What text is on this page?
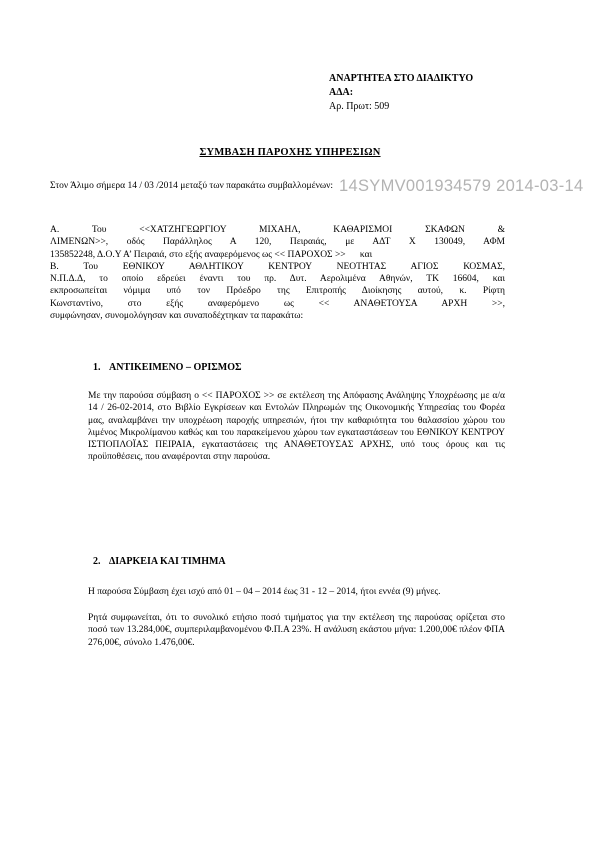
ΑΝΑΡΤΗΤΕΑ ΣΤΟ ΔΙΑΔΙΚΤΥΟ

ΑΔΑ:

Αρ. Πρωτ: 509

ΣΥΜΒΑΣΗ ΠΑΡΟΧΗΣ ΥΠΗΡΕΣΙΩΝ
14SYMV001934579 2014-03-14

Στον Άλιμο σήμερα 14 / 03 /2014 μεταξύ των παρακάτω συμβαλλομένων:

Α. Του <<ΧΑΤΖΗΓΕΩΡΓΙΟΥ ΜΙΧΑΗΛ, ΚΑΘΑΡΙΣΜΟΙ ΣΚΑΦΩΝ &
ΛΙΜΕΝΩΝ>>, οδός Παράλληλος Α 120, Πειραιάς, με ΑΔΤ Χ 130049, ΑΦΜ
135852248, Δ.Ο.Υ Α’ Πειραιά, στο εξής αναφερόμενος ως << ΠΑΡΟΧΟΣ >>      και
Β. Του ΕΘΝΙΚΟΥ ΑΘΛΗΤΙΚΟΥ ΚΕΝΤΡΟΥ ΝΕΟΤΗΤΑΣ ΑΓΙΟΣ ΚΟΣΜΑΣ,
Ν.Π.Δ.Δ, το οποίο εδρεύει έναντι του πρ. Δυτ. Αερολιμένα Αθηνών, ΤΚ 16604, και
εκπροσωπείται νόμιμα υπό τον Πρόεδρο της Επιτροπής Διοίκησης αυτού, κ. Ρίφτη
Κωνσταντίνο, στο εξής αναφερόμενο ως << ΑΝΑΘΕΤΟΥΣΑ ΑΡΧΗ >>,
συμφώνησαν, συνομολόγησαν και συναποδέχτηκαν τα παρακάτω:
1. ΑΝΤΙΚΕΙΜΕΝΟ – ΟΡΙΣΜΟΣ

Με την παρούσα σύμβαση ο << ΠΑΡΟΧΟΣ >> σε εκτέλεση της Απόφασης Ανάληψης Υποχρέωσης με α/α 14 / 26-02-2014, στο Βιβλίο Εγκρίσεων και Εντολών Πληρωμών της Οικονομικής Υπηρεσίας του Φορέα μας, αναλαμβάνει την υποχρέωση παροχής υπηρεσιών, ήτοι την καθαριότητα του θαλασσίου χώρου του λιμένος Μικρολίμανου καθώς και του παρακείμενου χώρου των εγκαταστάσεων του ΕΘΝΙΚΟΥ ΚΕΝΤΡΟΥ ΙΣΤΙΟΠΛΟΪΑΣ ΠΕΙΡΑΙΑ, εγκαταστάσεις της ΑΝΑΘΕΤΟΥΣΑΣ ΑΡΧΗΣ, υπό τους όρους και τις προϋποθέσεις, που αναφέρονται στην παρούσα.

2. ΔΙΑΡΚΕΙΑ ΚΑΙ ΤΙΜΗΜΑ

Η παρούσα Σύμβαση έχει ισχύ από 01 – 04 – 2014 έως 31 - 12 – 2014, ήτοι εννέα (9) μήνες.

Ρητά συμφωνείται, ότι το συνολικό ετήσιο ποσό τιμήματος για την εκτέλεση της παρούσας ορίζεται στο ποσό των 13.284,00€, συμπεριλαμβανομένου Φ.Π.Α 23%. Η ανάλυση εκάστου μήνα: 1.200,00€ πλέον ΦΠΑ 276,00€, σύνολο 1.476,00€.
